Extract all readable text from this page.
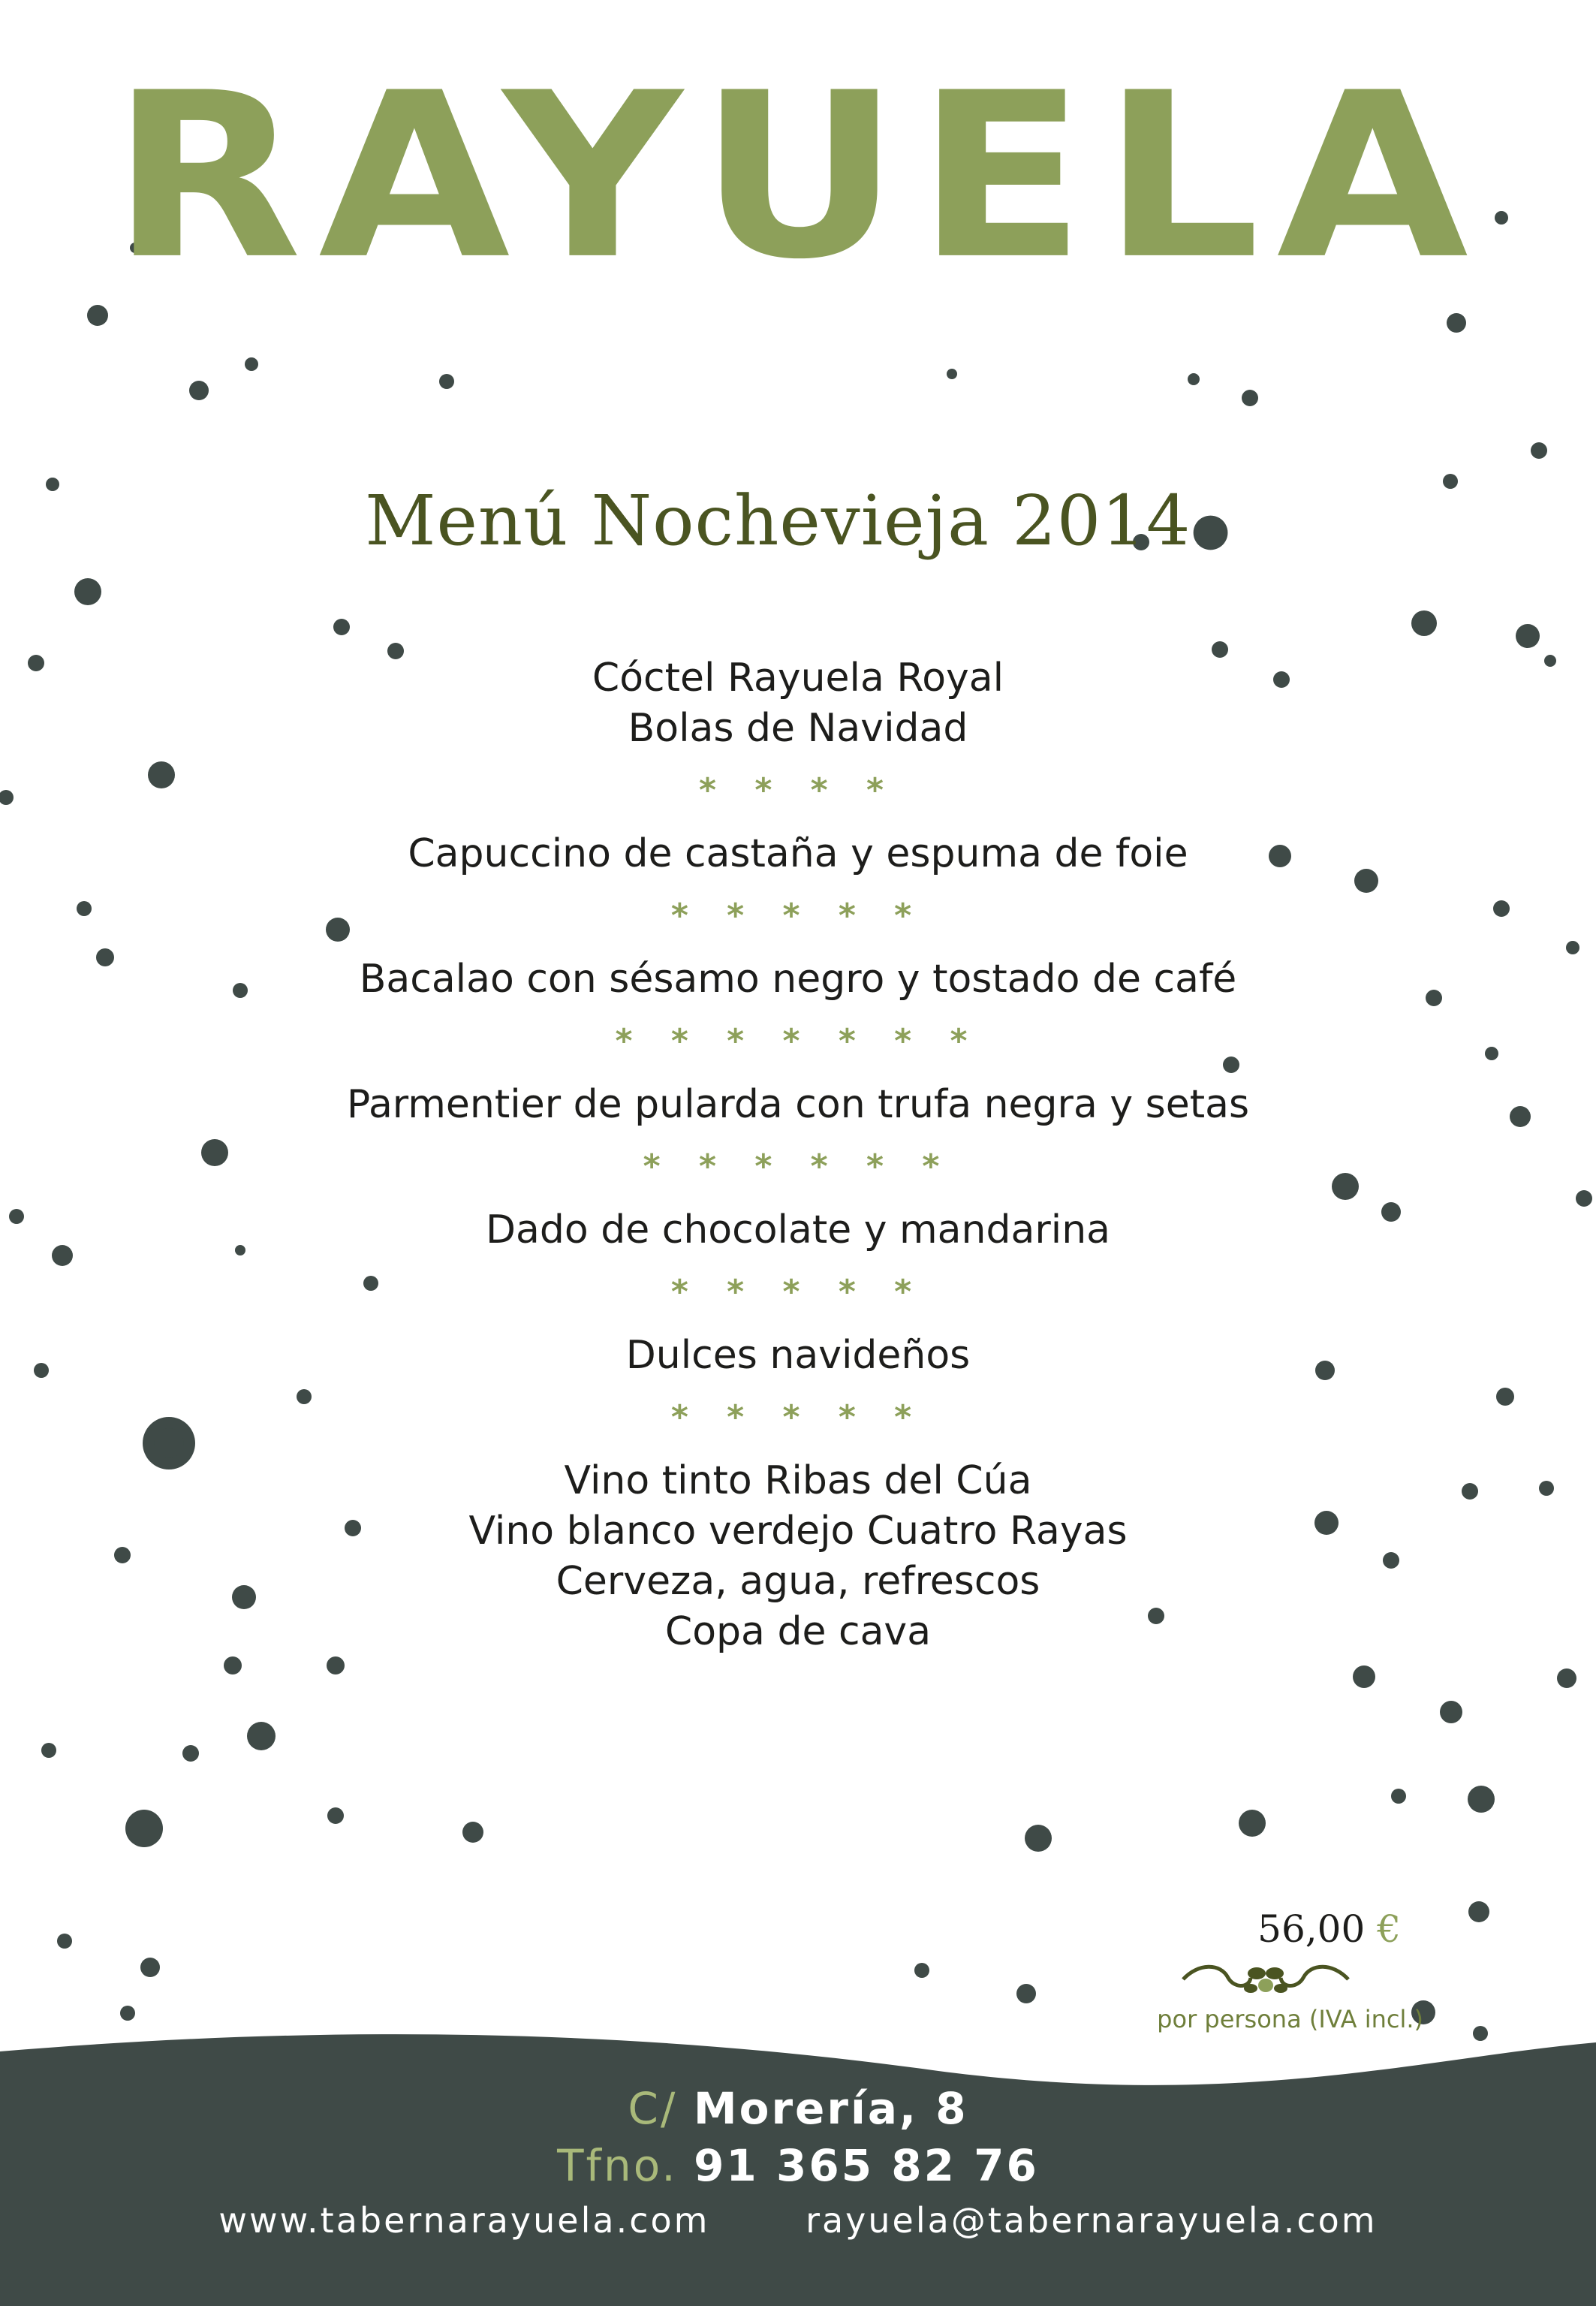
RAYUELA
Menú Nochevieja 2014●

Cóctel Rayuela Royal

Bolas de Navidad

* * * *

Capuccino de castaña y espuma de foie

* * * * *

Bacalao con sésamo negro y tostado de café

* * * * * * *

Parmentier de pularda con trufa negra y setas

* * * * * *

Dado de chocolate y mandarina

* * * * *

Dulces navideños

* * * * *

Vino tinto Ribas del Cúa

Vino blanco verdejo Cuatro Rayas

Cerveza, agua, refrescos

Copa de cava

56,00 €
por persona (IVA incl.)
C/ Morería, 8
Tfno. 91 365 82 76
www.tabernarayuela.com	rayuela@tabernarayuela.com
